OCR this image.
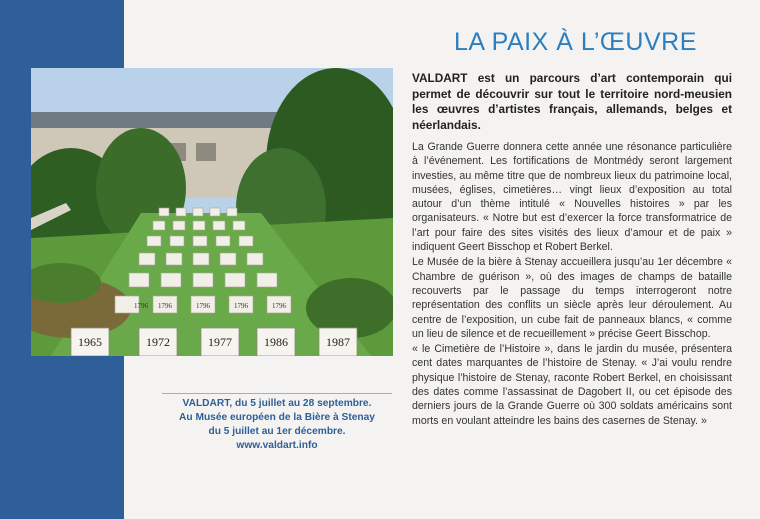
LA PAIX À L’ŒUVRE
1796 1796	1796	1796	1796
1965	1972	1977	1986	1987
VALDART, du 5 juillet au 28 septembre.
Au Musée européen de la Bière à Stenay
du 5 juillet au 1er décembre.
www.valdart.info
VALDART est un parcours d’art contemporain qui permet de découvrir sur tout le territoire nord-meusien les œuvres d’artistes français, allemands, belges et néerlandais.

La Grande Guerre donnera cette année une résonance particulière à l’événement. Les fortifications de Montmédy seront largement investies, au même titre que de nombreux lieux du patrimoine local, musées, églises, cimetières… vingt lieux d’exposition au total autour d’un thème intitulé « Nouvelles histoires » par les organisateurs. « Notre but est d’exercer la force transformatrice de l’art pour faire des sites visités des lieux d’amour et de paix » indiquent Geert Bisschop et Robert Berkel.

Le Musée de la bière à Stenay accueillera jusqu’au 1er décembre « Chambre de guérison », où des images de champs de bataille recouverts par le passage du temps interrogeront notre représentation des conflits un siècle après leur déroulement. Au centre de l’exposition, un cube fait de panneaux blancs, « comme un lieu de silence et de recueillement » précise Geert Bisschop.

« le Cimetière de l’Histoire », dans le jardin du musée, présentera cent dates marquantes de l’histoire de Stenay. « J’ai voulu rendre physique l’histoire de Stenay, raconte Robert Berkel, en choisissant des dates comme l’assassinat de Dagobert II, ou cet épisode des derniers jours de la Grande Guerre où 300 soldats américains sont morts en voulant atteindre les bains des casernes de Stenay. »
